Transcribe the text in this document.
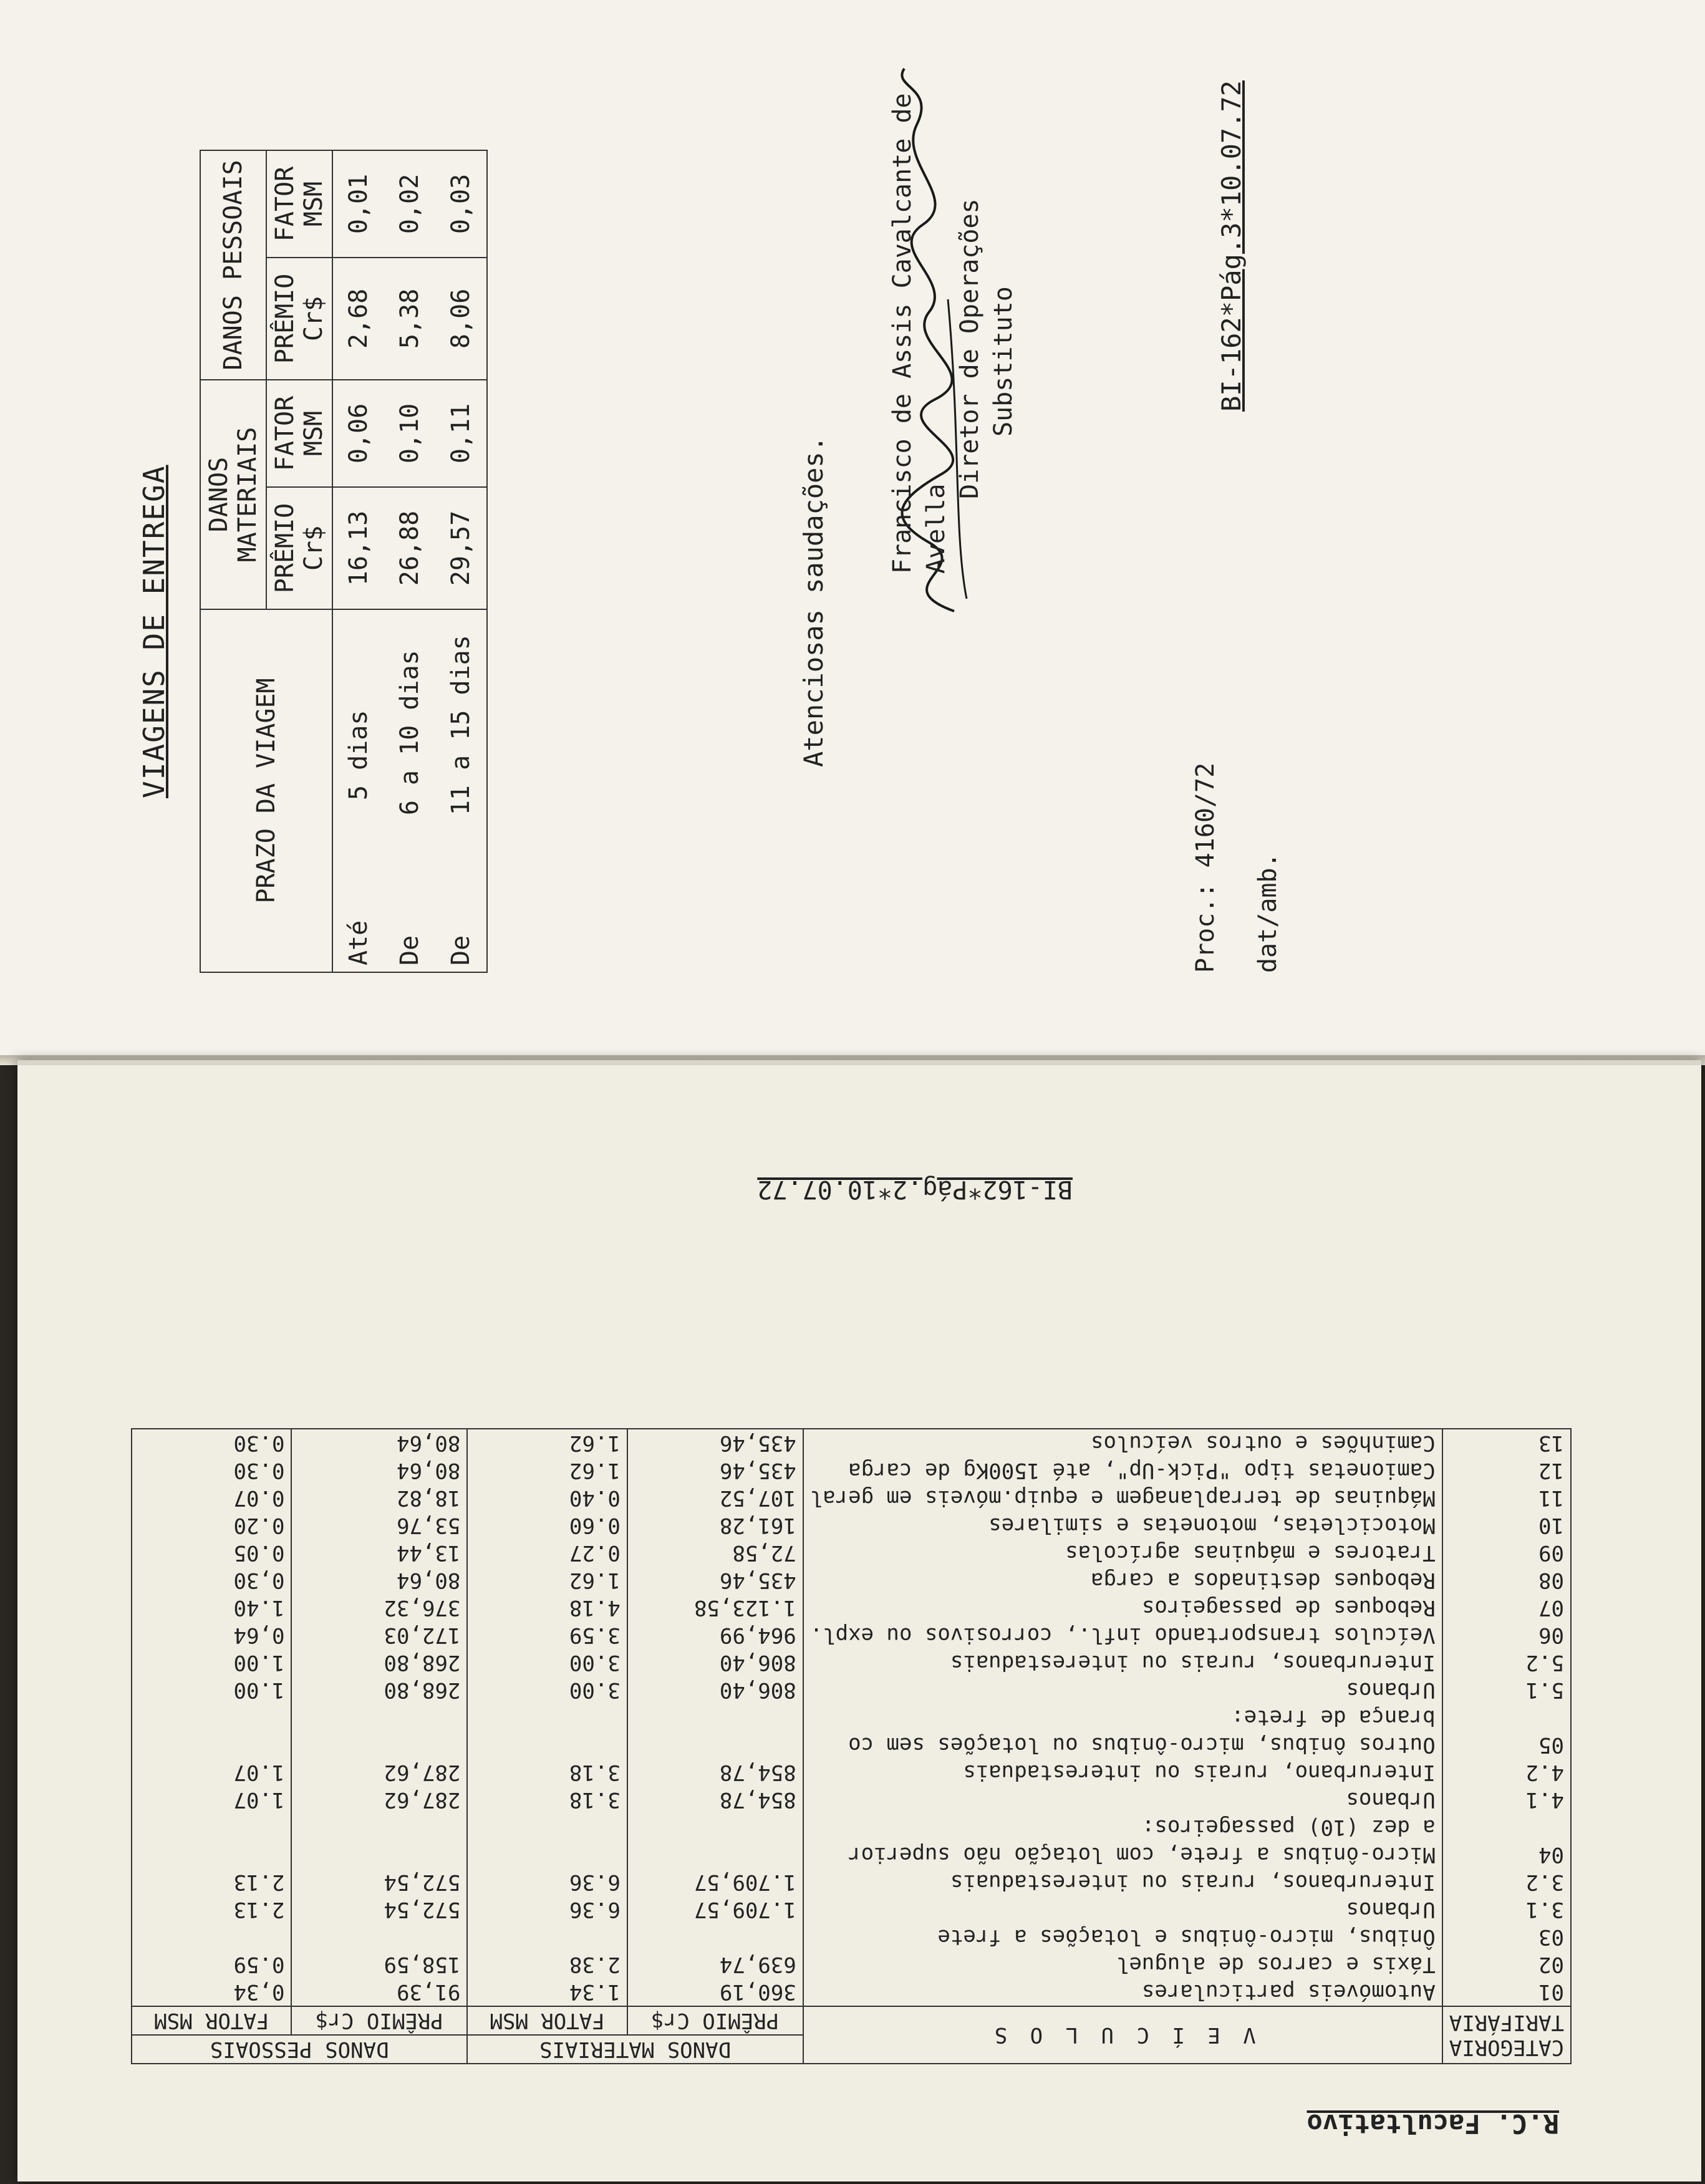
VIAGENS DE ENTREGA	PRAZO DA VIAGEM	DANOS MATERIAIS		DANOS PESSOAIS	
	PRÊMIO Cr$	FATOR MSM	PRÊMIO Cr$	FATOR MSM
Até        5 dias	16,13	0,06	2,68	0,01
De        6 a 10 dias	26,88	0,10	5,38	0,02
De        11 a 15 dias	29,57	0,11	8,06	0,03
Atenciosas saudações.
Francisco de Assis Cavalcante de Avella
Diretor de Operações Substituto
Proc.: 4160/72 dat/amb.
BI-162*Pág.3*10.07.72
R.C. Facultativo
CATEGORIA TARIFÁRIA	V E Í C U L O S	DANOS MATERIAIS		DANOS PESSOAIS	
		PRÊMIO Cr$	FATOR MSM	PRÊMIO Cr$	FATOR MSM
01	Automóveis particulares	360,19	1.34	91,39	0,34
02	Táxis e carros de aluguel	639,74	2.38	158,59	0.59
03	Ônibus, micro-ônibus e lotações a frete				
3.1	Urbanos	1.709,57	6.36	572,54	2.13
3.2	Interurbanos, rurais ou interestaduais	1.709,57	6.36	572,54	2.13
04	Micro-ônibus a frete, com lotação não superior				
	a dez (10) passageiros:				
4.1	Urbanos	854,78	3.18	287,62	1.07
4.2	Interurbano, rurais ou interestaduais	854,78	3.18	287,62	1.07
05	Outros ônibus, micro-ônibus ou lotações sem co				
	brança de frete:				
5.1	Urbanos	806,40	3.00	268,80	1.00
5.2	Interurbanos, rurais ou interestaduais	806,40	3.00	268,80	1.00
06	Veículos transportando infl., corrosivos ou expl.	964,99	3.59	172,03	0,64
07	Reboques de passageiros	1.123,58	4.18	376,32	1.40
08	Reboques destinados a carga	435,46	1.62	80,64	0,30
09	Tratores e máquinas agrícolas	72,58	0.27	13,44	0.05
10	Motocicletas, motonetas e similares	161,28	0.60	53,76	0.20
11	Máquinas de terraplanagem e equip.móveis em geral	107,52	0.40	18,82	0.07
12	Camionetas tipo "Pick-Up", até 1500Kg de carga	435,46	1.62	80,64	0.30
13	Caminhões e outros veículos	435,46	1.62	80,64	0.30
BI-162*Pág.2*10.07.72
